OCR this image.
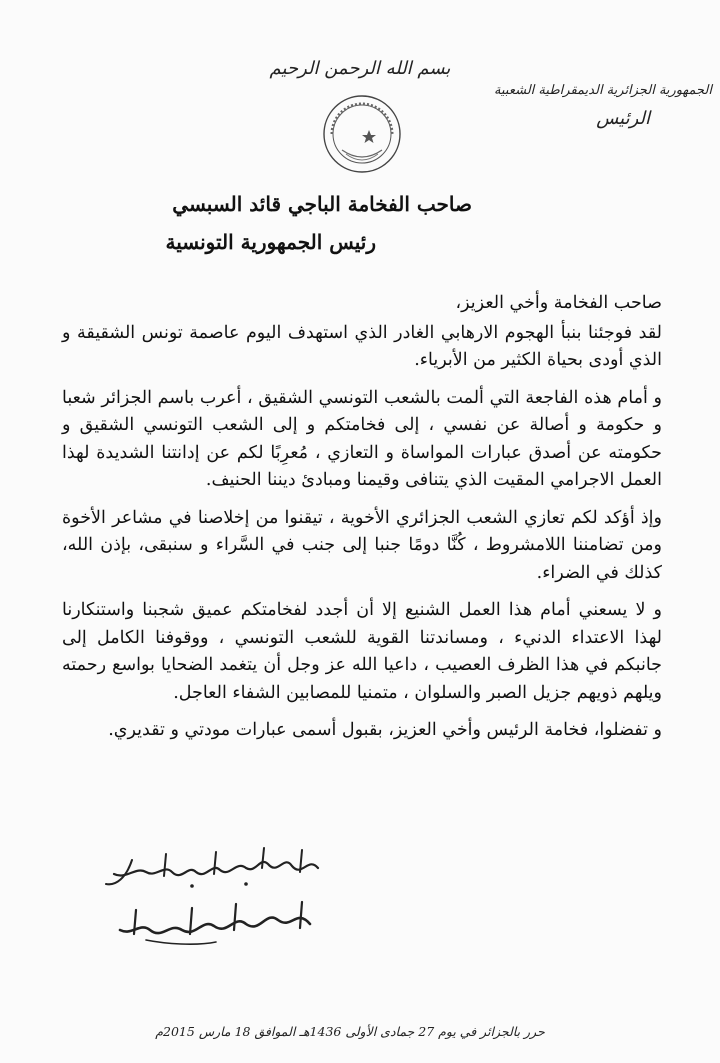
بسم الله الرحمن الرحيم
الجمهورية الجزائرية الديمقراطية الشعبية
الرئيس
صاحب الفخامة الباجي قائد السبسي
رئيس الجمهورية التونسية

صاحب الفخامة وأخي العزيز،

لقد فوجئنا بنبأ الهجوم الارهابي الغادر الذي استهدف اليوم عاصمة تونس الشقيقة و الذي أودى بحياة الكثير من الأبرياء.

و أمام هذه الفاجعة التي ألمت بالشعب التونسي الشقيق ، أعرب باسم الجزائر شعبا و حكومة و أصالة عن نفسي ، إلى فخامتكم و إلى الشعب التونسي الشقيق و حكومته عن أصدق عبارات المواساة و التعازي ، مُعرِبًا لكم عن إدانتنا الشديدة لهذا العمل الاجرامي المقيت الذي يتنافى وقيمنا ومبادئ ديننا الحنيف.

وإذ أؤكد لكم تعازي الشعب الجزائري الأخوية ، تيقنوا من إخلاصنا في مشاعر الأخوة ومن تضامننا اللامشروط ، كُنَّا دومًا جنبا إلى جنب في السَّراء و سنبقى، بإذن الله، كذلك في الضراء.

و لا يسعني أمام هذا العمل الشنيع إلا أن أجدد لفخامتكم عميق شجبنا واستنكارنا لهذا الاعتداء الدنيء ، ومساندتنا القوية للشعب التونسي ، ووقوفنا الكامل إلى جانبكم في هذا الظرف العصيب ، داعيا الله عز وجل أن يتغمد الضحايا بواسع رحمته ويلهم ذويهم جزيل الصبر والسلوان ، متمنيا للمصابين الشفاء العاجل.

و تفضلوا، فخامة الرئيس وأخي العزيز، بقبول أسمى عبارات مودتي و تقديري.

حرر بالجزائر في يوم 27 جمادى الأولى 1436هـ الموافق 18 مارس 2015م
